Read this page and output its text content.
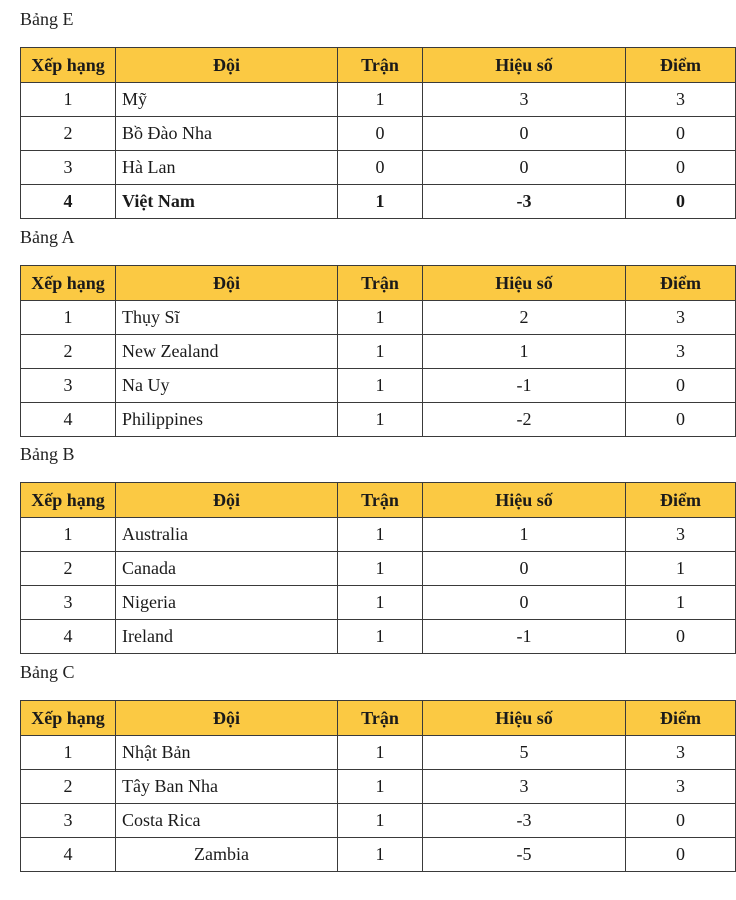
Bảng E
Xếp hạng	Đội	Trận	Hiệu số	Điểm
1	Mỹ	1	3	3
2	Bồ Đào Nha	0	0	0
3	Hà Lan	0	0	0
4	Việt Nam	1	-3	0
Bảng A
Xếp hạng	Đội	Trận	Hiệu số	Điểm
1	Thụy Sĩ	1	2	3
2	New Zealand	1	1	3
3	Na Uy	1	-1	0
4	Philippines	1	-2	0
Bảng B
Xếp hạng	Đội	Trận	Hiệu số	Điểm
1	Australia	1	1	3
2	Canada	1	0	1
3	Nigeria	1	0	1
4	Ireland	1	-1	0
Bảng C
Xếp hạng	Đội	Trận	Hiệu số	Điểm
1	Nhật Bản	1	5	3
2	Tây Ban Nha	1	3	3
3	Costa Rica	1	-3	0
4	Zambia	1	-5	0
